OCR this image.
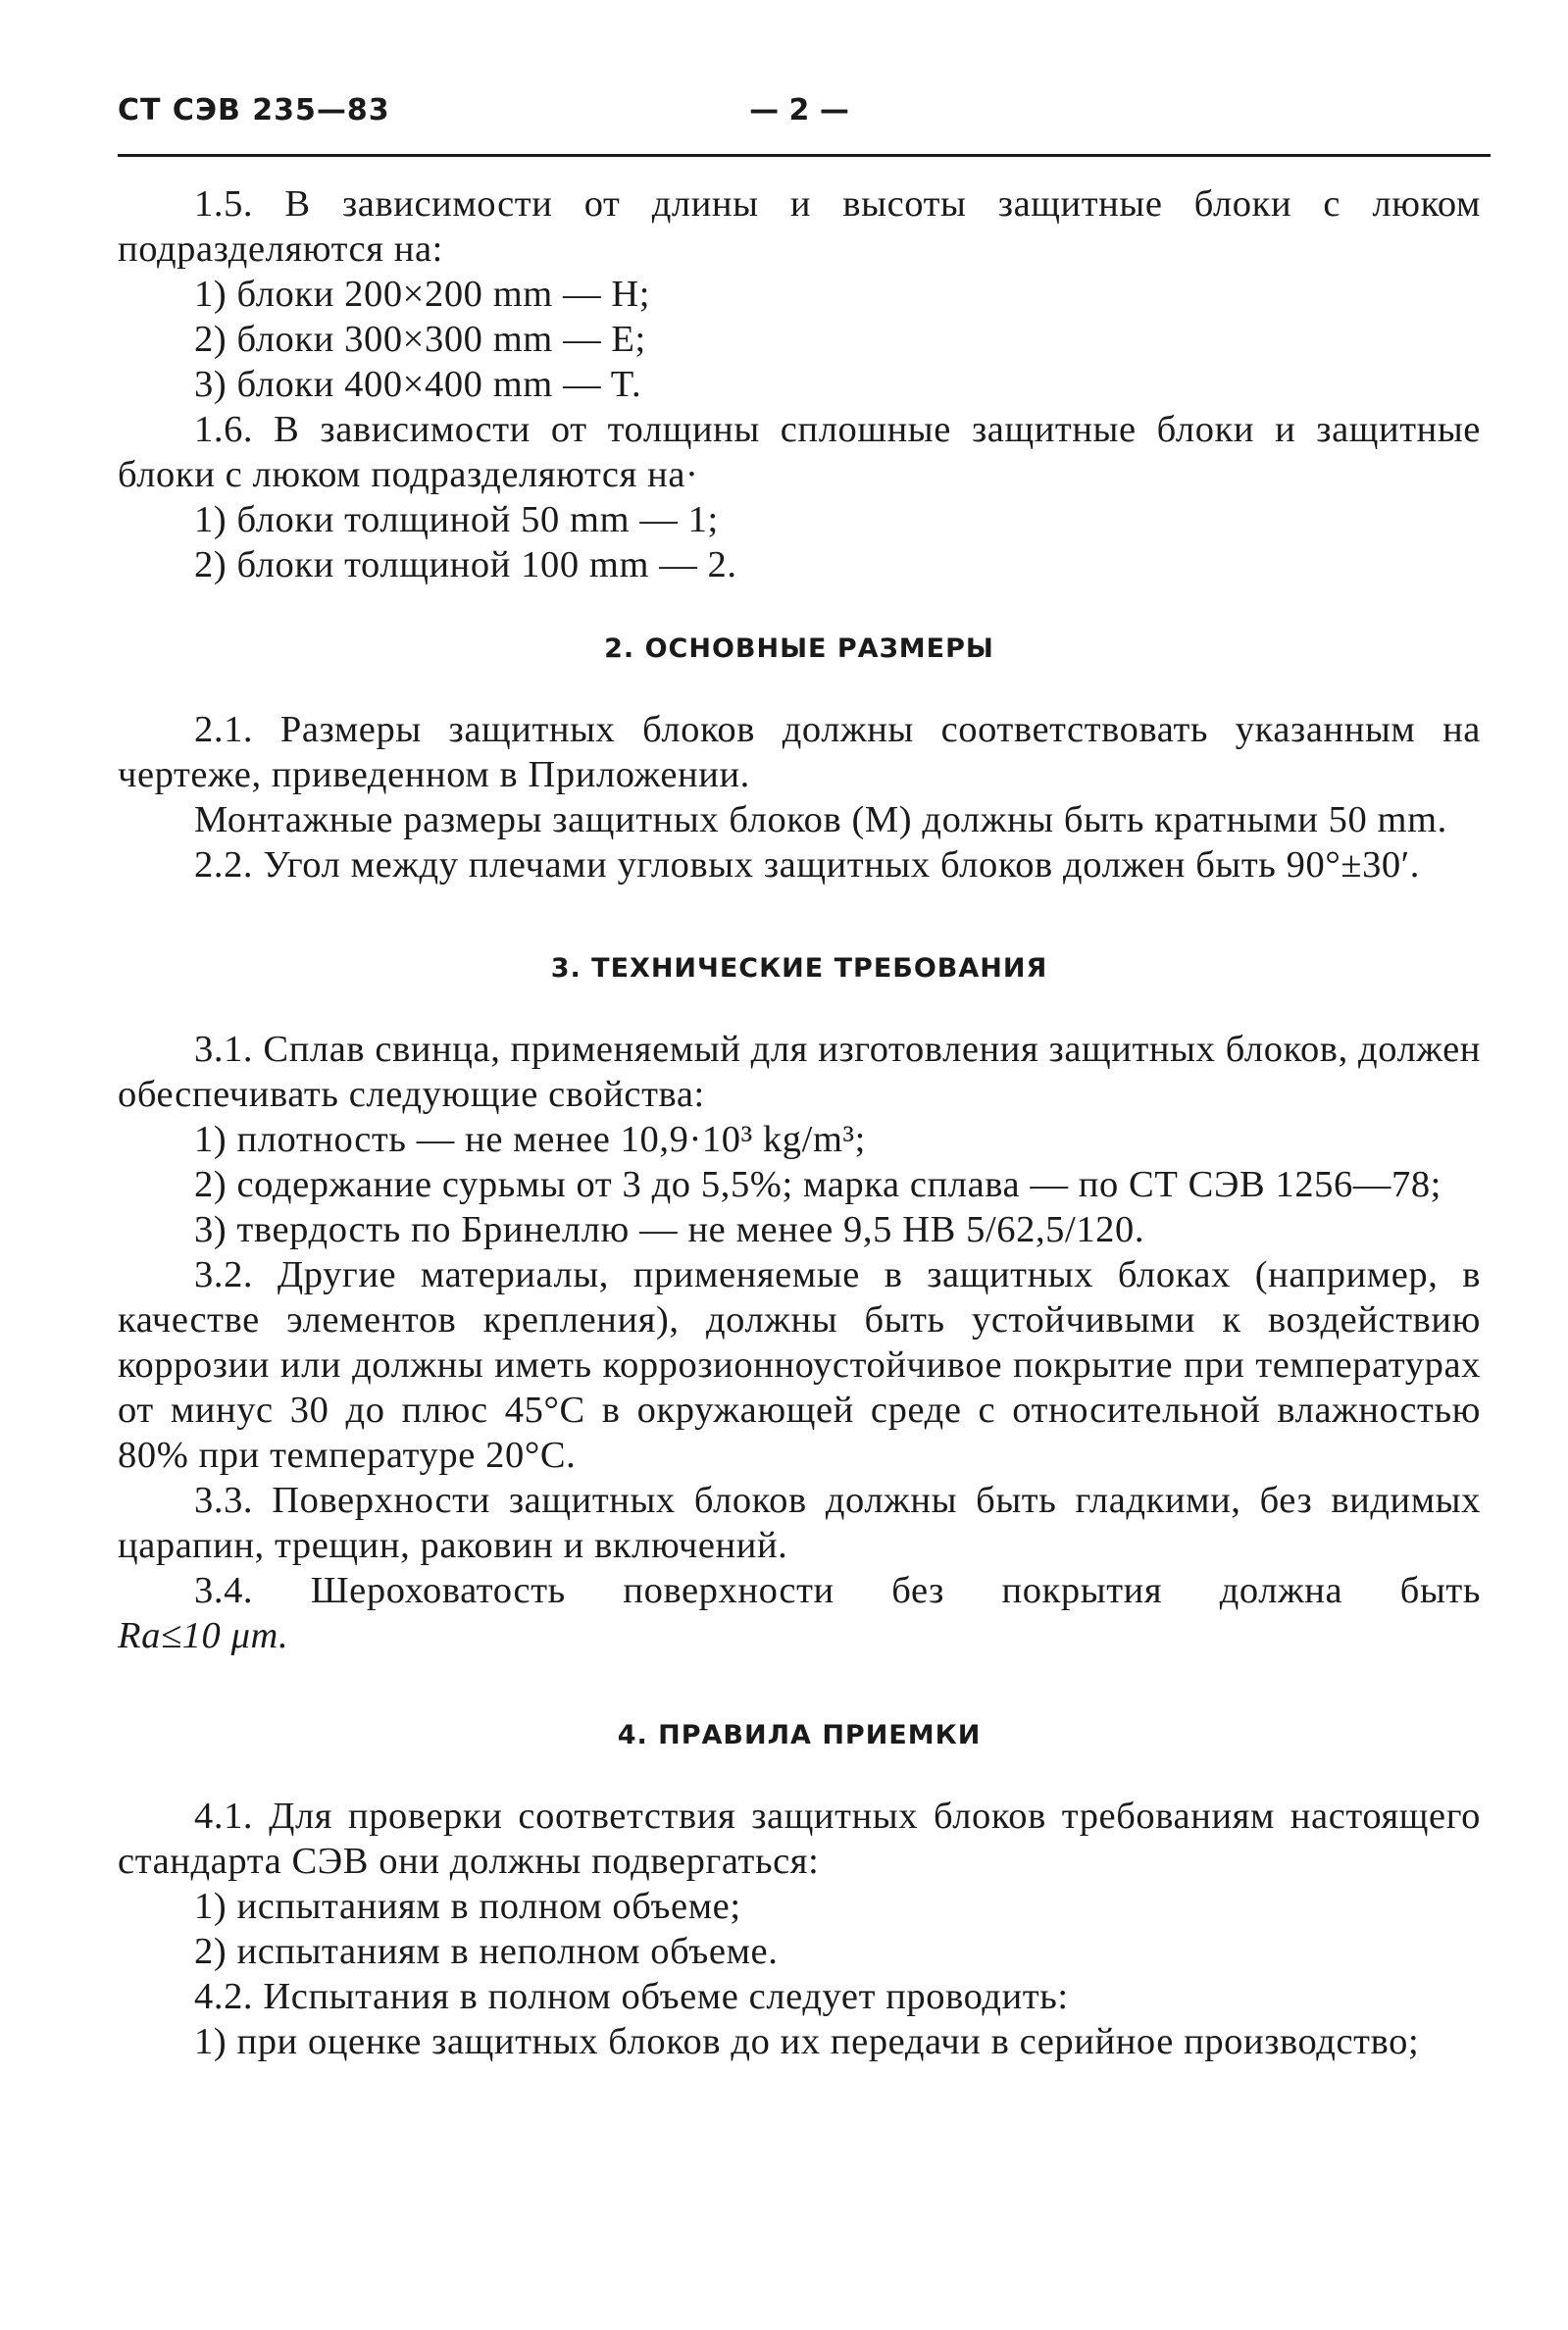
СТ СЭВ 235—83	— 2 —

1.5. В зависимости от длины и высоты защитные блоки с люком подразделяются на:

1) блоки 200×200 mm — H;

2) блоки 300×300 mm — E;

3) блоки 400×400 mm — T.

1.6. В зависимости от толщины сплошные защитные блоки и защитные блоки с люком подразделяются на·

1) блоки толщиной 50 mm — 1;

2) блоки толщиной 100 mm — 2.

2. ОСНОВНЫЕ РАЗМЕРЫ

2.1. Размеры защитных блоков должны соответствовать указанным на чертеже, приведенном в Приложении.

Монтажные размеры защитных блоков (M) должны быть кратными 50 mm.

2.2. Угол между плечами угловых защитных блоков должен быть 90°±30′.

3. ТЕХНИЧЕСКИЕ ТРЕБОВАНИЯ

3.1. Сплав свинца, применяемый для изготовления защитных блоков, должен обеспечивать следующие свойства:

1) плотность — не менее 10,9·10³ kg/m³;

2) содержание сурьмы от 3 до 5,5%; марка сплава — по СТ СЭВ 1256—78;

3) твердость по Бринеллю — не менее 9,5 HB 5/62,5/120.

3.2. Другие материалы, применяемые в защитных блоках (например, в качестве элементов крепления), должны быть устойчивыми к воздействию коррозии или должны иметь коррозионноустойчивое покрытие при температурах от минус 30 до плюс 45°C в окружающей среде с относительной влажностью 80% при температуре 20°C.

3.3. Поверхности защитных блоков должны быть гладкими, без видимых царапин, трещин, раковин и включений.

3.4. Шероховатость поверхности без покрытия должна быть

Ra≤10 μm.

4. ПРАВИЛА ПРИЕМКИ

4.1. Для проверки соответствия защитных блоков требованиям настоящего стандарта СЭВ они должны подвергаться:

1) испытаниям в полном объеме;

2) испытаниям в неполном объеме.

4.2. Испытания в полном объеме следует проводить:

1) при оценке защитных блоков до их передачи в серийное производство;
